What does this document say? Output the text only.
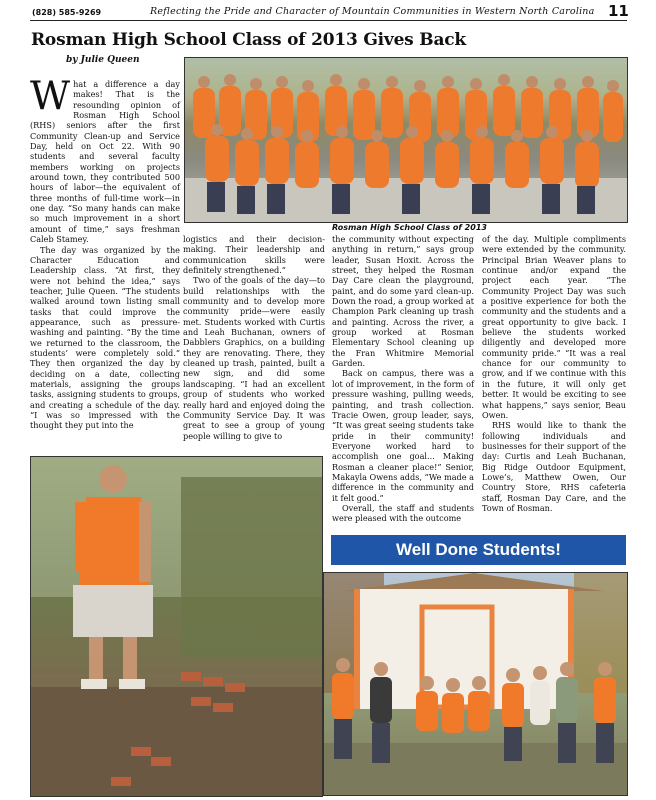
(828) 585-9269	Reflecting the Pride and Character of Mountain Communities in Western North Carolina 11
Rosman High School Class of 2013 Gives Back
by Julie Queen
Rosman High School Class of 2013

What a difference a day makes! That is the resounding opinion of Rosman High School (RHS) seniors after the first Community Clean-up and Service Day, held on Oct 22. With 90 students and several faculty members working on projects around town, they contributed 500 hours of labor—the equivalent of three months of full-time work—in one day. “So many hands can make so much improvement in a short amount of time,” says freshman Caleb Stamey.

The day was organized by the Character Education and Leadership class. “At first, they were not behind the idea,” says teacher, Julie Queen. “The students walked around town listing small tasks that could improve the appearance, such as pressure-washing and painting. “By the time we returned to the classroom, the students’ were completely sold.” They then organized the day by deciding on a date, collecting materials, assigning the groups tasks, assigning students to groups, and creating a schedule of the day. “I was so impressed with the thought they put into the

logistics and their decision-making. Their leadership and communication skills were definitely strengthened.”

Two of the goals of the day—to build relationships with the community and to develop more community pride—were easily met. Students worked with Curtis and Leah Buchanan, owners of Dabblers Graphics, on a building they are renovating. There, they cleaned up trash, painted, built a new sign, and did some landscaping. “I had an excellent group of students who worked really hard and enjoyed doing the Community Service Day. It was great to see a group of young people willing to give to

the community without expecting anything in return,” says group leader, Susan Hoxit. Across the street, they helped the Rosman Day Care clean the playground, paint, and do some yard clean-up. Down the road, a group worked at Champion Park cleaning up trash and painting. Across the river, a group worked at Rosman Elementary School cleaning up the Fran Whitmire Memorial Garden.

Back on campus, there was a lot of improvement, in the form of pressure washing, pulling weeds, painting, and trash collection. Tracie Owen, group leader, says, “It was great seeing students take pride in their community! Everyone worked hard to accomplish one goal... Making Rosman a cleaner place!” Senior, Makayla Owens adds, “We made a difference in the community and it felt good.”

Overall, the staff and students were pleased with the outcome

of the day. Multiple compliments were extended by the community. Principal Brian Weaver plans to continue and/or expand the project each year. “The Community Project Day was such a positive experience for both the community and the students and a great opportunity to give back. I believe the students worked diligently and developed more community pride.” “It was a real chance for our community to grow, and if we continue with this in the future, it will only get better. It would be exciting to see what happens,” says senior, Beau Owen.

RHS would like to thank the following individuals and businesses for their support of the day: Curtis and Leah Buchanan, Big Ridge Outdoor Equipment, Lowe’s, Matthew Owen, Our Country Store, RHS cafeteria staff, Rosman Day Care, and the Town of Rosman.

Well Done Students!
